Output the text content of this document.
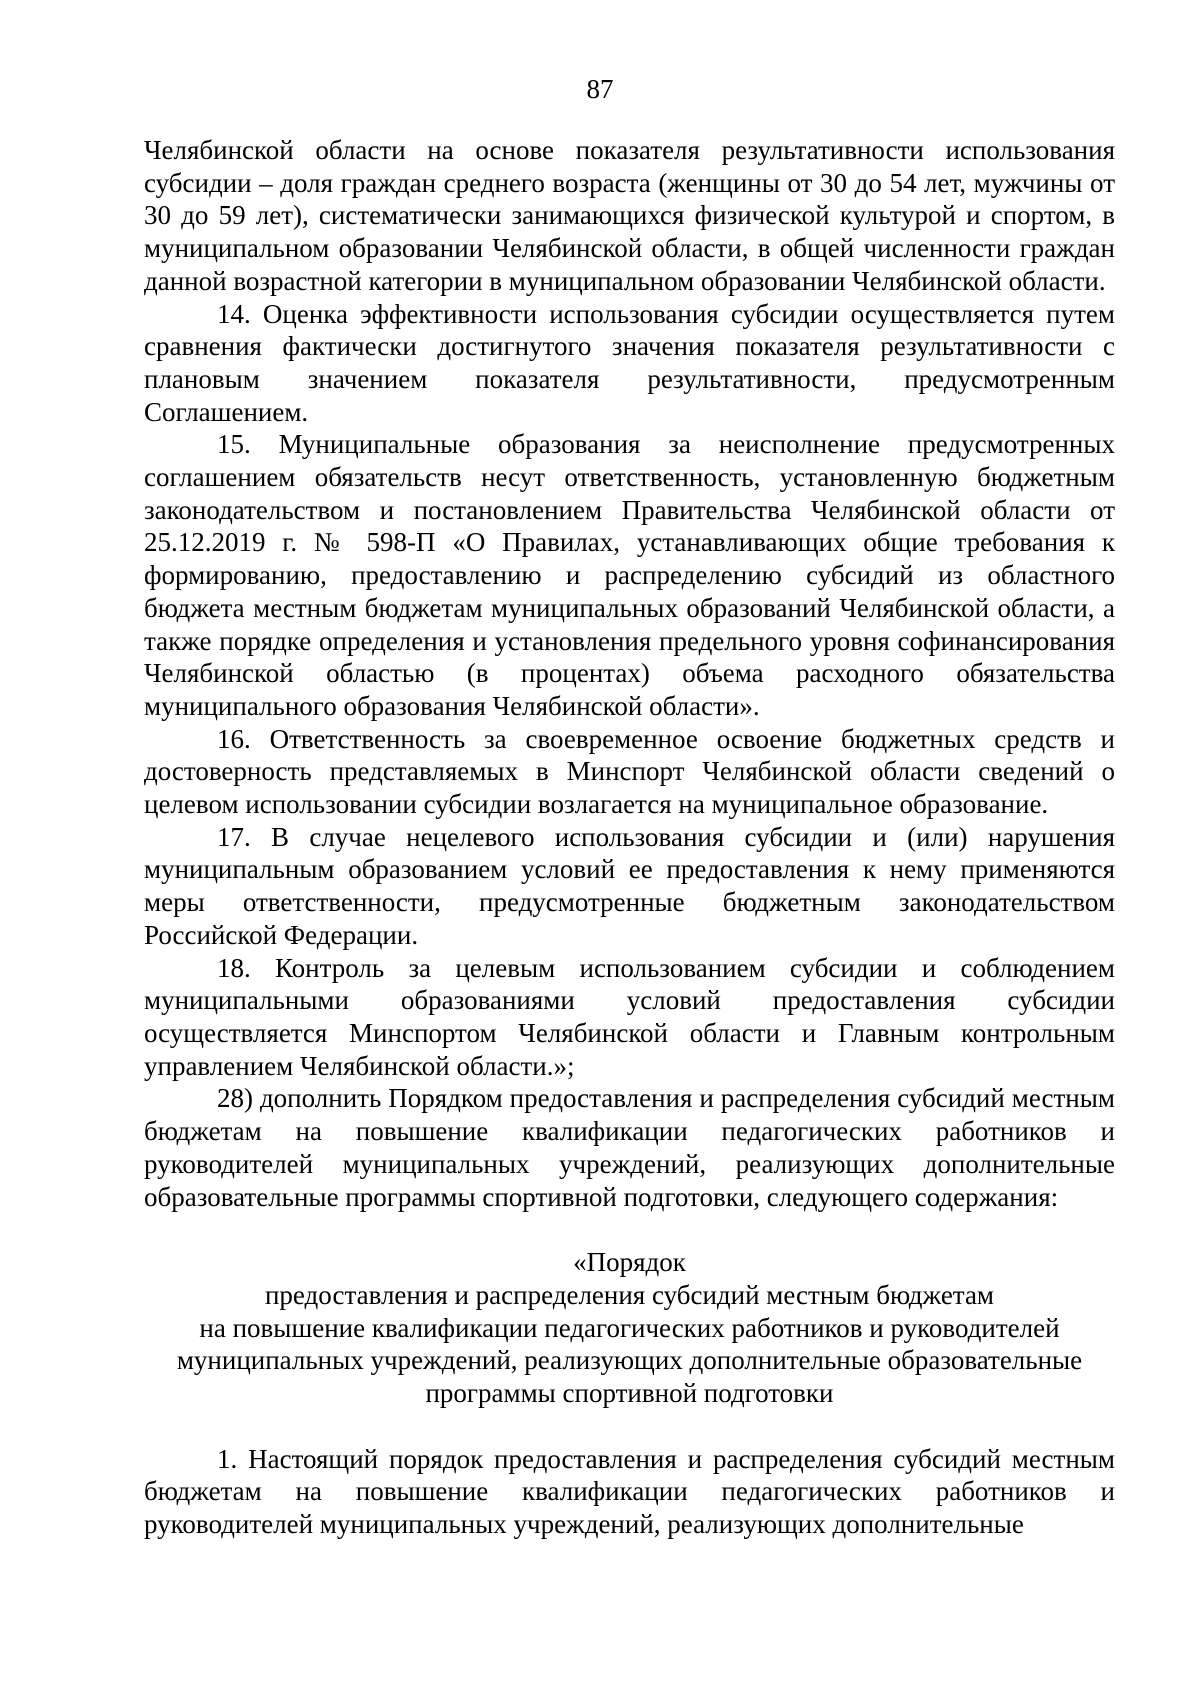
87

Челябинской области на основе показателя результативности использования субсидии – доля граждан среднего возраста (женщины от 30 до 54 лет, мужчины от 30 до 59 лет), систематически занимающихся физической культурой и спортом, в муниципальном образовании Челябинской области, в общей численности граждан данной возрастной категории в муниципальном образовании Челябинской области.

14. Оценка эффективности использования субсидии осуществляется путем сравнения фактически достигнутого значения показателя результативности с плановым значением показателя результативности, предусмотренным Соглашением.

15. Муниципальные образования за неисполнение предусмотренных соглашением обязательств несут ответственность, установленную бюджетным законодательством и постановлением Правительства Челябинской области от 25.12.2019 г. № 598-П «О Правилах, устанавливающих общие требования к формированию, предоставлению и распределению субсидий из областного бюджета местным бюджетам муниципальных образований Челябинской области, а также порядке определения и установления предельного уровня софинансирования Челябинской областью (в процентах) объема расходного обязательства муниципального образования Челябинской области».

16. Ответственность за своевременное освоение бюджетных средств и достоверность представляемых в Минспорт Челябинской области сведений о целевом использовании субсидии возлагается на муниципальное образование.

17. В случае нецелевого использования субсидии и (или) нарушения муниципальным образованием условий ее предоставления к нему применяются меры ответственности, предусмотренные бюджетным законодательством Российской Федерации.

18. Контроль за целевым использованием субсидии и соблюдением муниципальными образованиями условий предоставления субсидии осуществляется Минспортом Челябинской области и Главным контрольным управлением Челябинской области.»;

28) дополнить Порядком предоставления и распределения субсидий местным бюджетам на повышение квалификации педагогических работников и руководителей муниципальных учреждений, реализующих дополнительные образовательные программы спортивной подготовки, следующего содержания:

«Порядок

предоставления и распределения субсидий местным бюджетам

на повышение квалификации педагогических работников и руководителей

муниципальных учреждений, реализующих дополнительные образовательные

программы спортивной подготовки

1. Настоящий порядок предоставления и распределения субсидий местным бюджетам на повышение квалификации педагогических работников и руководителей муниципальных учреждений, реализующих дополнительные
